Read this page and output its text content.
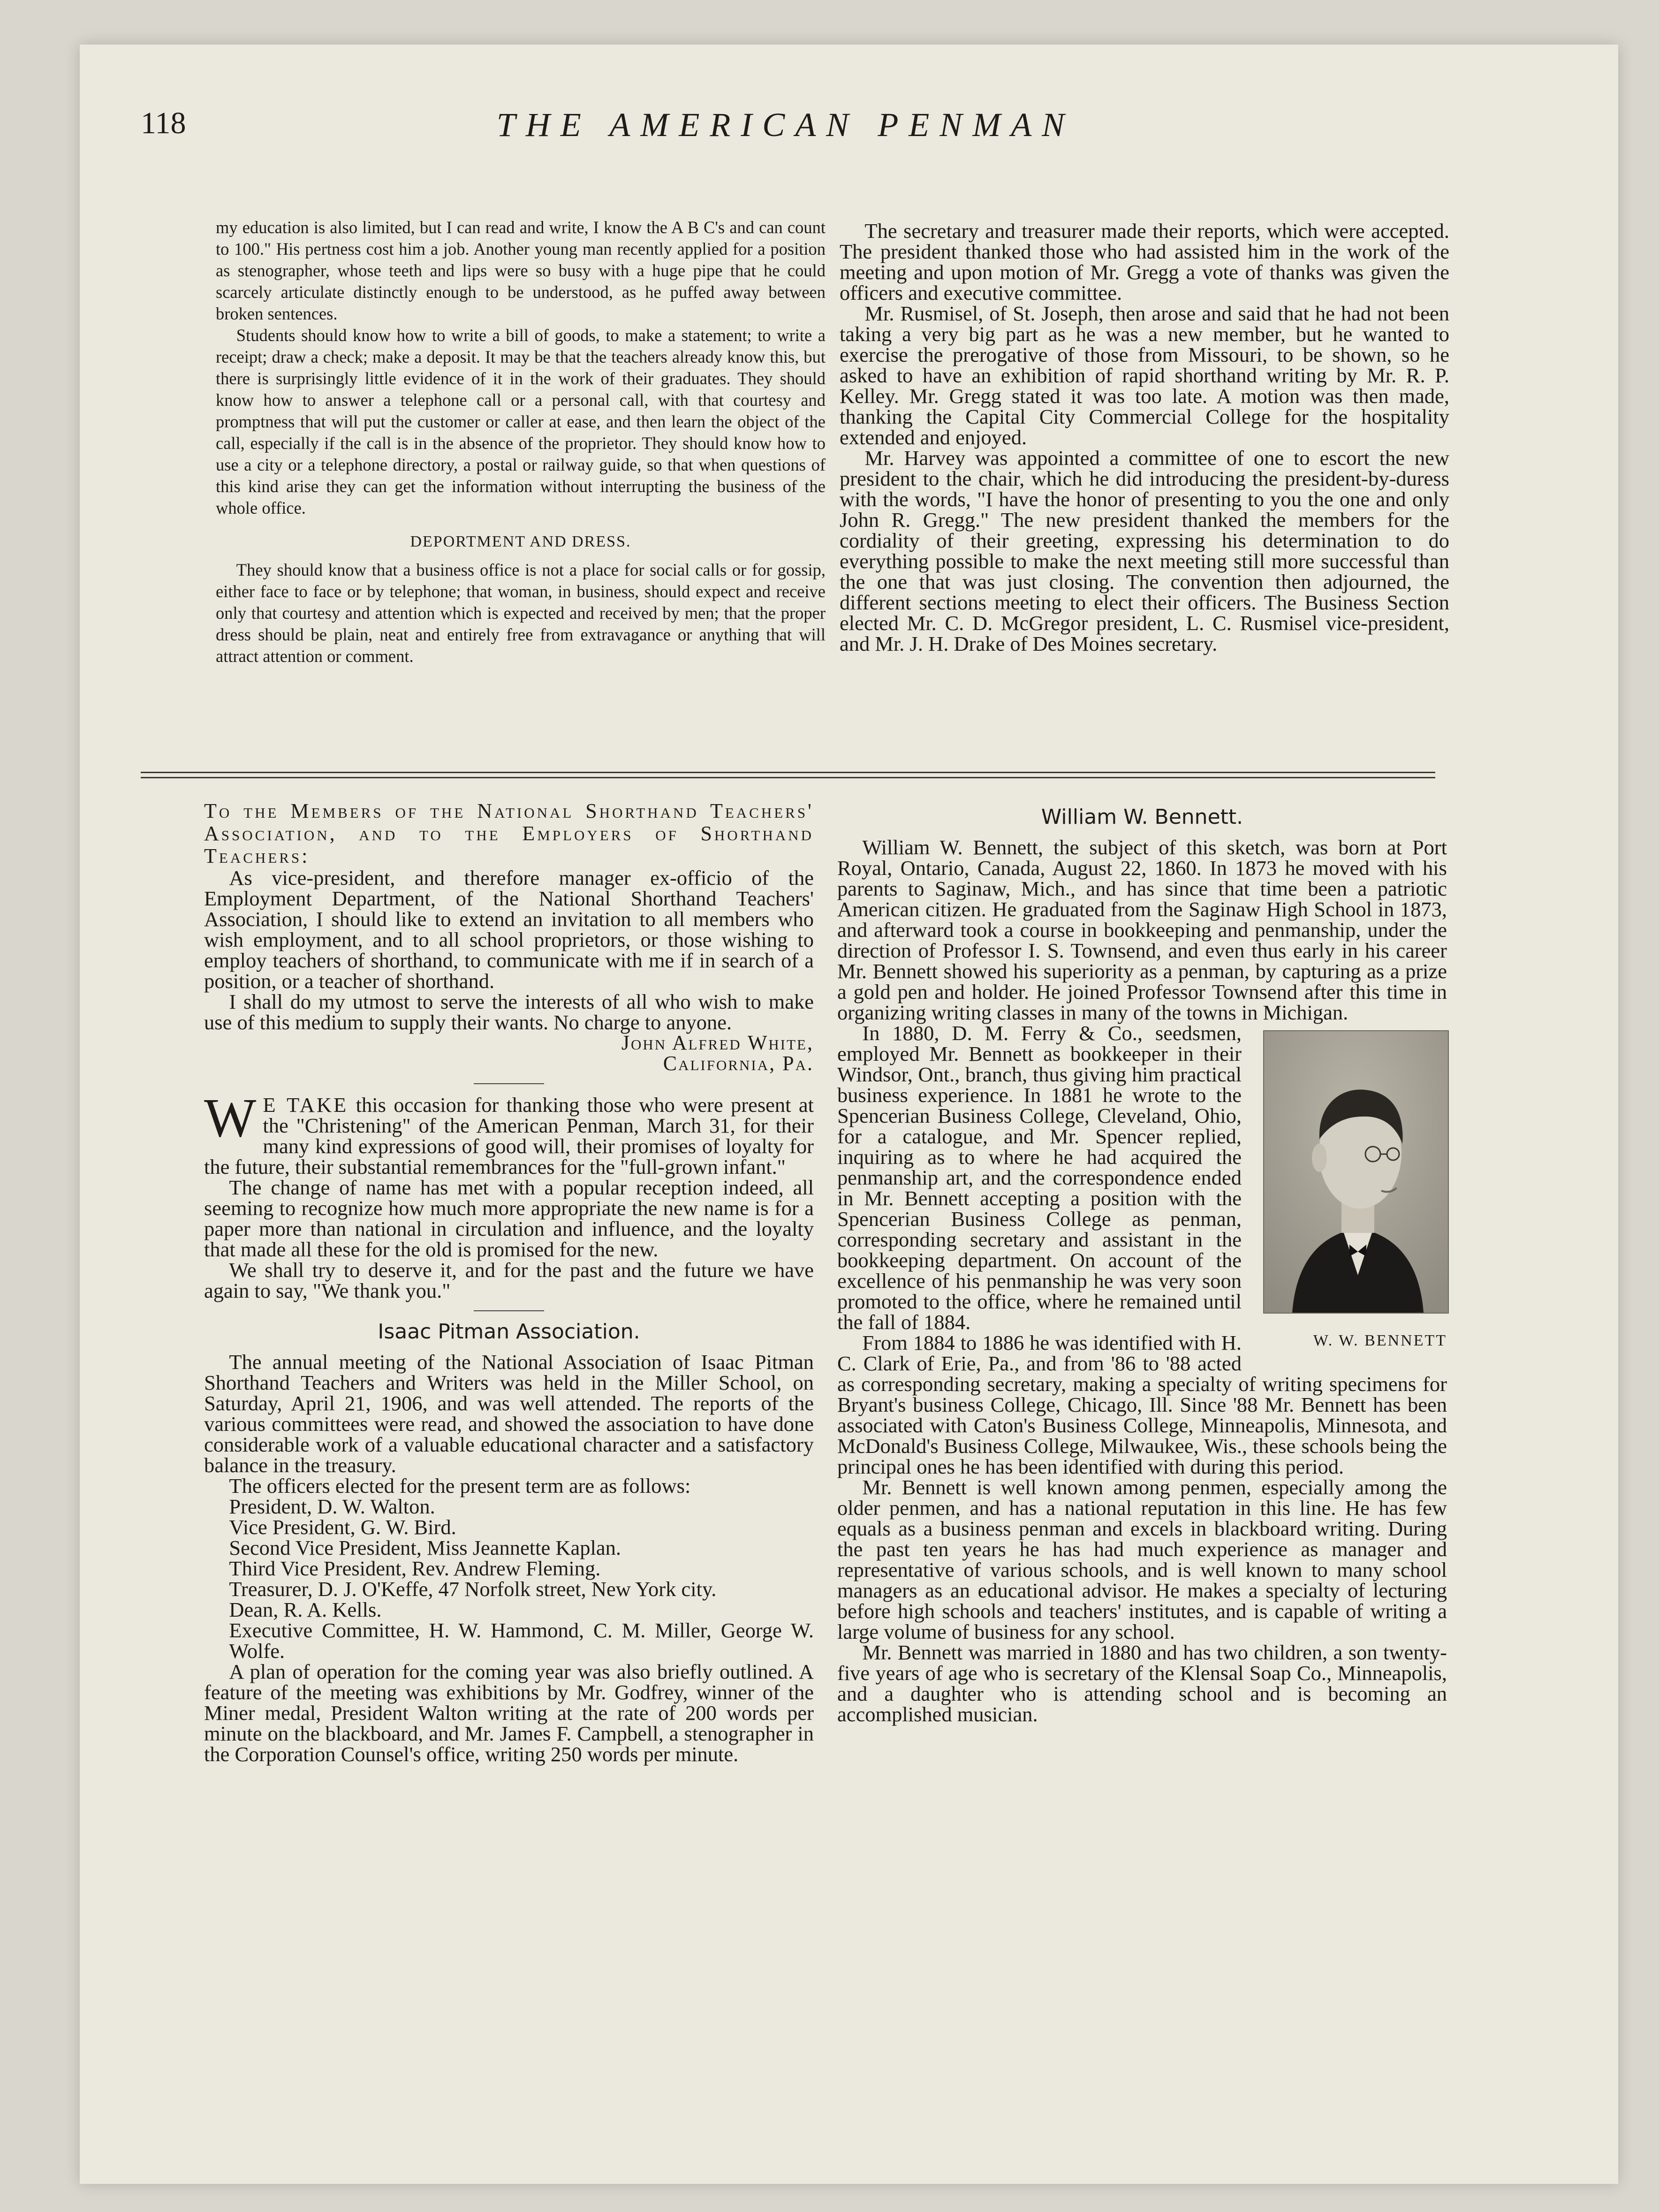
118	THE AMERICAN PENMAN

my education is also limited, but I can read and write, I know the A B C's and can count to 100." His pertness cost him a job. Another young man recently applied for a position as stenographer, whose teeth and lips were so busy with a huge pipe that he could scarcely articulate distinctly enough to be understood, as he puffed away between broken sentences.

Students should know how to write a bill of goods, to make a statement; to write a receipt; draw a check; make a deposit. It may be that the teachers already know this, but there is surprisingly little evidence of it in the work of their graduates. They should know how to answer a telephone call or a personal call, with that courtesy and promptness that will put the customer or caller at ease, and then learn the object of the call, especially if the call is in the absence of the proprietor. They should know how to use a city or a telephone directory, a postal or railway guide, so that when questions of this kind arise they can get the information without interrupting the business of the whole office.

DEPORTMENT AND DRESS.

They should know that a business office is not a place for social calls or for gossip, either face to face or by telephone; that woman, in business, should expect and receive only that courtesy and attention which is expected and received by men; that the proper dress should be plain, neat and entirely free from extravagance or anything that will attract attention or comment.

The secretary and treasurer made their reports, which were accepted. The president thanked those who had assisted him in the work of the meeting and upon motion of Mr. Gregg a vote of thanks was given the officers and executive committee.

Mr. Rusmisel, of St. Joseph, then arose and said that he had not been taking a very big part as he was a new member, but he wanted to exercise the prerogative of those from Missouri, to be shown, so he asked to have an exhibition of rapid shorthand writing by Mr. R. P. Kelley. Mr. Gregg stated it was too late. A motion was then made, thanking the Capital City Commercial College for the hospitality extended and enjoyed.

Mr. Harvey was appointed a committee of one to escort the new president to the chair, which he did introducing the president-by-duress with the words, "I have the honor of presenting to you the one and only John R. Gregg." The new president thanked the members for the cordiality of their greeting, expressing his determination to do everything possible to make the next meeting still more successful than the one that was just closing. The convention then adjourned, the different sections meeting to elect their officers. The Business Section elected Mr. C. D. McGregor president, L. C. Rusmisel vice-president, and Mr. J. H. Drake of Des Moines secretary.

To the Members of the National Shorthand Teachers' Association, and to the Employers of Shorthand Teachers:

As vice-president, and therefore manager ex-officio of the Employment Department, of the National Shorthand Teachers' Association, I should like to extend an invitation to all members who wish employment, and to all school proprietors, or those wishing to employ teachers of shorthand, to communicate with me if in search of a position, or a teacher of shorthand.

I shall do my utmost to serve the interests of all who wish to make use of this medium to supply their wants. No charge to anyone.

John Alfred White,
California, Pa.

W E TAKE this occasion for thanking those who were present at the "Christening" of the American Penman, March 31, for their many kind expressions of good will, their promises of loyalty for the future, their substantial remembrances for the "full-grown infant."

The change of name has met with a popular reception indeed, all seeming to recognize how much more appropriate the new name is for a paper more than national in circulation and influence, and the loyalty that made all these for the old is promised for the new.

We shall try to deserve it, and for the past and the future we have again to say, "We thank you."

Isaac Pitman Association.

The annual meeting of the National Association of Isaac Pitman Shorthand Teachers and Writers was held in the Miller School, on Saturday, April 21, 1906, and was well attended. The reports of the various committees were read, and showed the association to have done considerable work of a valuable educational character and a satisfactory balance in the treasury.

The officers elected for the present term are as follows:

President, D. W. Walton.

Vice President, G. W. Bird.

Second Vice President, Miss Jeannette Kaplan.

Third Vice President, Rev. Andrew Fleming.

Treasurer, D. J. O'Keffe, 47 Norfolk street, New York city.

Dean, R. A. Kells.

Executive Committee, H. W. Hammond, C. M. Miller, George W. Wolfe.

A plan of operation for the coming year was also briefly outlined. A feature of the meeting was exhibitions by Mr. Godfrey, winner of the Miner medal, President Walton writing at the rate of 200 words per minute on the blackboard, and Mr. James F. Campbell, a stenographer in the Corporation Counsel's office, writing 250 words per minute.

William W. Bennett.

William W. Bennett, the subject of this sketch, was born at Port Royal, Ontario, Canada, August 22, 1860. In 1873 he moved with his parents to Saginaw, Mich., and has since that time been a patriotic American citizen. He graduated from the Saginaw High School in 1873, and afterward took a course in bookkeeping and penmanship, under the direction of Professor I. S. Townsend, and even thus early in his career Mr. Bennett showed his superiority as a penman, by capturing as a prize a gold pen and holder. He joined Professor Townsend after this time in organizing writing classes in many of the towns in Michigan.

W. W. BENNETT

In 1880, D. M. Ferry & Co., seedsmen, employed Mr. Bennett as bookkeeper in their Windsor, Ont., branch, thus giving him practical business experience. In 1881 he wrote to the Spencerian Business College, Cleveland, Ohio, for a catalogue, and Mr. Spencer replied, inquiring as to where he had acquired the penmanship art, and the correspondence ended in Mr. Bennett accepting a position with the Spencerian Business College as penman, corresponding secretary and assistant in the bookkeeping department. On account of the excellence of his penmanship he was very soon promoted to the office, where he remained until the fall of 1884.

From 1884 to 1886 he was identified with H. C. Clark of Erie, Pa., and from '86 to '88 acted as corresponding secretary, making a specialty of writing specimens for Bryant's business College, Chicago, Ill. Since '88 Mr. Bennett has been associated with Caton's Business College, Minneapolis, Minnesota, and McDonald's Business College, Milwaukee, Wis., these schools being the principal ones he has been identified with during this period.

Mr. Bennett is well known among penmen, especially among the older penmen, and has a national reputation in this line. He has few equals as a business penman and excels in blackboard writing. During the past ten years he has had much experience as manager and representative of various schools, and is well known to many school managers as an educational advisor. He makes a specialty of lecturing before high schools and teachers' institutes, and is capable of writing a large volume of business for any school.

Mr. Bennett was married in 1880 and has two children, a son twenty-five years of age who is secretary of the Klensal Soap Co., Minneapolis, and a daughter who is attending school and is becoming an accomplished musician.
